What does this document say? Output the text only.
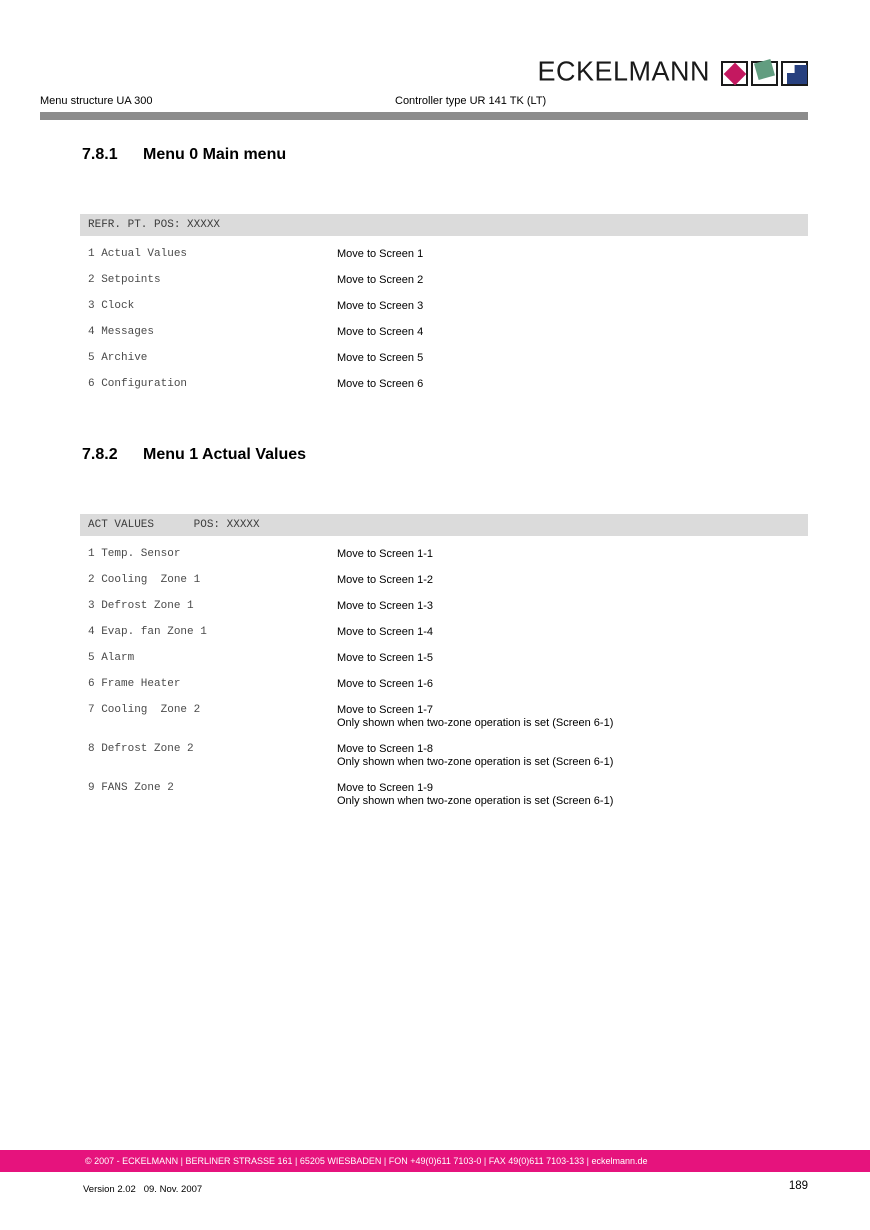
ECKELMANN
Menu structure UA 300	Controller type UR 141 TK (LT)
7.8.1	Menu 0 Main menu
REFR. PT. POS: XXXXX
1 Actual Values	Move to Screen 1
2 Setpoints	Move to Screen 2
3 Clock	Move to Screen 3
4 Messages	Move to Screen 4
5 Archive	Move to Screen 5
6 Configuration	Move to Screen 6
7.8.2	Menu 1 Actual Values
ACT VALUES      POS: XXXXX
1 Temp. Sensor	Move to Screen 1-1
2 Cooling  Zone 1	Move to Screen 1-2
3 Defrost Zone 1	Move to Screen 1-3
4 Evap. fan Zone 1	Move to Screen 1-4
5 Alarm	Move to Screen 1-5
6 Frame Heater	Move to Screen 1-6
7 Cooling  Zone 2	Move to Screen 1-7
Only shown when two-zone operation is set (Screen 6-1)
8 Defrost Zone 2	Move to Screen 1-8
Only shown when two-zone operation is set (Screen 6-1)
9 FANS Zone 2	Move to Screen 1-9
Only shown when two-zone operation is set (Screen 6-1)
© 2007 - ECKELMANN | BERLINER STRASSE 161 | 65205 WIESBADEN | FON +49(0)611 7103-0 | FAX 49(0)611 7103-133 | eckelmann.de
Version 2.02   09. Nov. 2007	189
